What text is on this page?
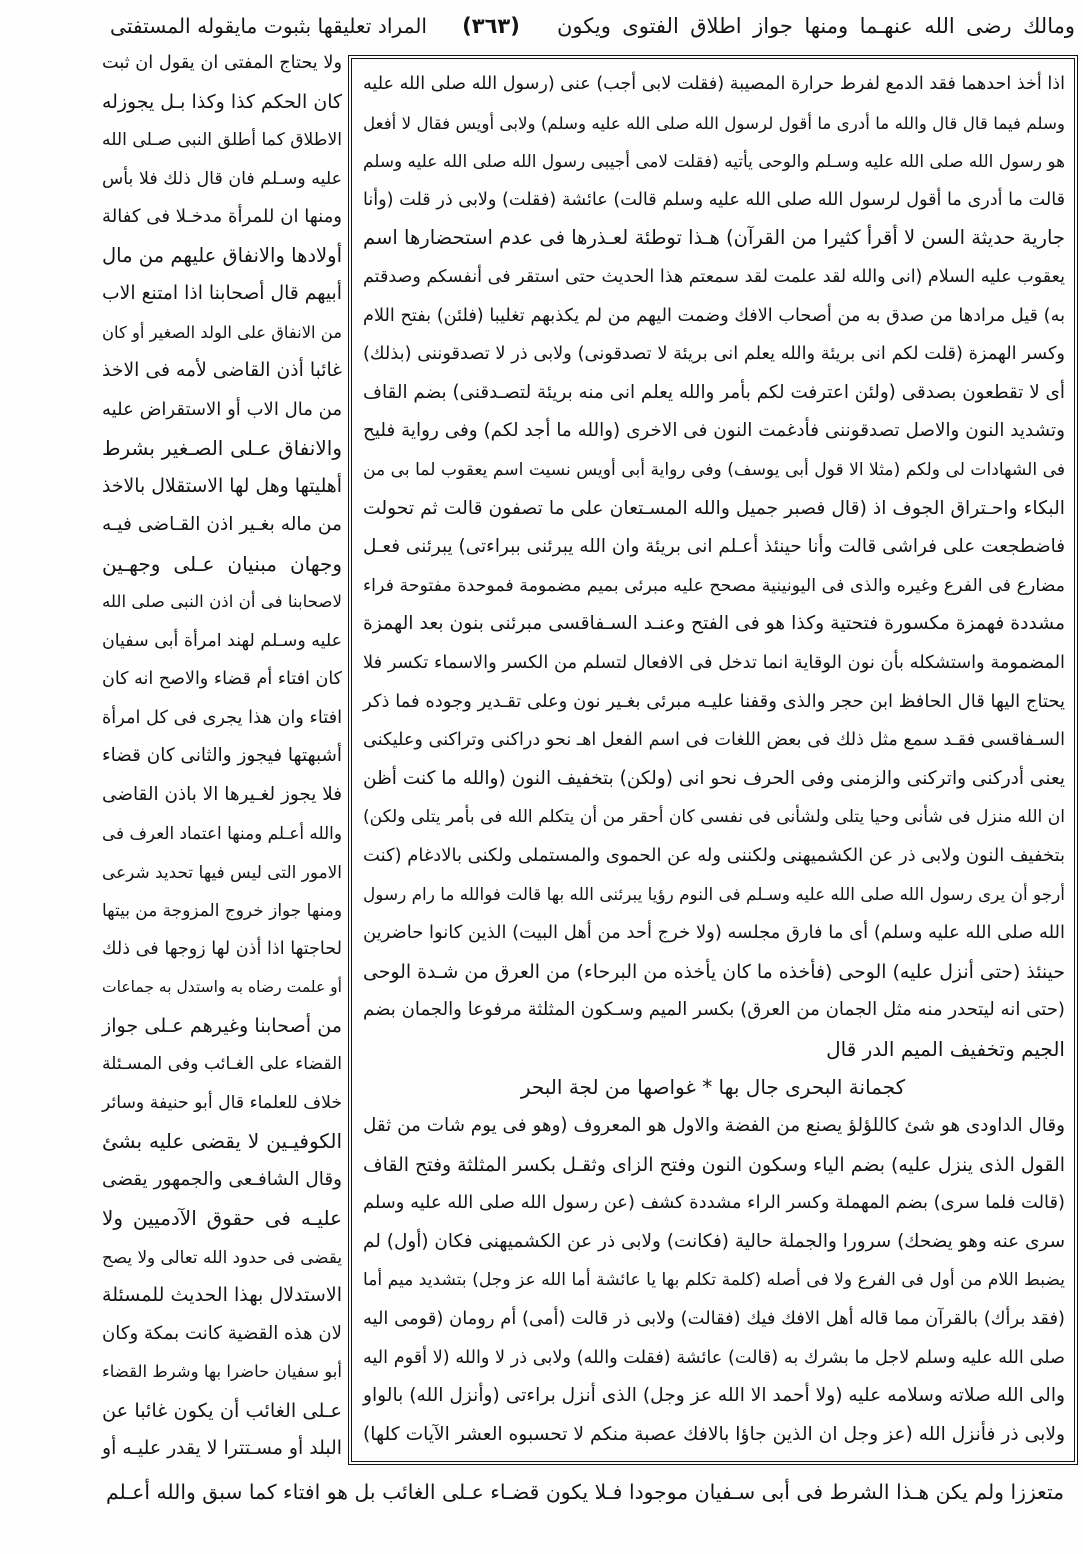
ومالك رضى الله عنهـما ومنها جواز اطلاق الفتوى ويكون
(٣٦٣)
المراد تعليقها بثبوت مايقوله المستفتى
ولا يحتاج المفتى ان يقول ان ثبت
كان الحكم كذا وكذا بـل يجوزله
الاطلاق كما أطلق النبى صـلى الله
عليه وسـلم فان قال ذلك فلا بأس
ومنها ان للمرأة مدخـلا فى كفالة
أولادها والانفاق عليهم من مال
أبيهم قال أصحابنا اذا امتنع الاب
من الانفاق على الولد الصغير أو كان
غائبا أذن القاضى لأمه فى الاخذ
من مال الاب أو الاستقراض عليه
والانفاق عـلى الصـغير بشرط
أهليتها وهل لها الاستقلال بالاخذ
من ماله بغـير اذن القـاضى فيـه
وجهان مبنيان عـلى وجهـين
لاصحابنا فى أن اذن النبى صلى الله
عليه وسـلم لهند امرأة أبى سفيان
كان افتاء أم قضاء والاصح انه كان
افتاء وان هذا يجرى فى كل امرأة
أشبهتها فيجوز والثانى كان قضاء
فلا يجوز لغـيرها الا باذن القاضى
والله أعـلم ومنها اعتماد العرف فى
الامور التى ليس فيها تحديد شرعى
ومنها جواز خروج المزوجة من بيتها
لحاجتها اذا أذن لها زوجها فى ذلك
أو علمت رضاه به واستدل به جماعات
من أصحابنا وغيرهم عـلى جواز
القضاء على الغـائب وفى المسـئلة
خلاف للعلماء قال أبو حنيفة وسائر
الكوفيـين لا يقضى عليه بشئ
وقال الشافـعى والجمهور يقضى
عليـه فى حقوق الآدميين ولا
يقضى فى حدود الله تعالى ولا يصح
الاستدلال بهذا الحديث للمسئلة
لان هذه القضية كانت بمكة وكان
أبو سفيان حاضرا بها وشرط القضاء
عـلى الغائب أن يكون غائبا عن
البلد أو مسـتترا لا يقدر عليـه أو
اذا أخذ احدهما فقد الدمع لفرط حرارة المصيبة (فقلت لابى أجب) عنى (رسول الله صلى الله عليه
وسلم فيما قال قال والله ما أدرى ما أقول لرسول الله صلى الله عليه وسلم) ولابى أويس فقال لا أفعل
هو رسول الله صلى الله عليه وسـلم والوحى يأتيه (فقلت لامى أجيبى رسول الله صلى الله عليه وسلم
قالت ما أدرى ما أقول لرسول الله صلى الله عليه وسلم قالت) عائشة (فقلت) ولابى ذر قلت (وأنا
جارية حديثة السن لا أقرأ كثيرا من القرآن) هـذا توطئة لعـذرها فى عدم استحضارها اسم
يعقوب عليه السلام (انى والله لقد علمت لقد سمعتم هذا الحديث حتى استقر فى أنفسكم وصدقتم
به) قيل مرادها من صدق به من أصحاب الافك وضمت اليهم من لم يكذبهم تغليبا (فلئن) بفتح اللام
وكسر الهمزة (قلت لكم انى بريئة والله يعلم انى بريئة لا تصدقونى) ولابى ذر لا تصدقوننى (بذلك)
أى لا تقطعون بصدقى (ولئن اعترفت لكم بأمر والله يعلم انى منه بريئة لتصـدقنى) بضم القاف
وتشديد النون والاصل تصدقوننى فأدغمت النون فى الاخرى (والله ما أجد لكم) وفى رواية فليح
فى الشهادات لى ولكم (مثلا الا قول أبى يوسف) وفى رواية أبى أويس نسيت اسم يعقوب لما بى من
البكاء واحـتراق الجوف اذ (قال فصبر جميل والله المسـتعان على ما تصفون قالت ثم تحولت
فاضطجعت على فراشى قالت وأنا حينئذ أعـلم انى بريئة وان الله يبرئنى ببراءتى) يبرئنى فعـل
مضارع فى الفرع وغيره والذى فى اليونينية مصحح عليه مبرئى بميم مضمومة فموحدة مفتوحة فراء
مشددة فهمزة مكسورة فتحتية وكذا هو فى الفتح وعنـد السـفاقسى مبرئنى بنون بعد الهمزة
المضمومة واستشكله بأن نون الوقاية انما تدخل فى الافعال لتسلم من الكسر والاسماء تكسر فلا
يحتاج اليها قال الحافظ ابن حجر والذى وقفنا عليـه مبرئى بغـير نون وعلى تقـدير وجوده فما ذكر
السـفاقسى فقـد سمع مثل ذلك فى بعض اللغات فى اسم الفعل اهـ نحو دراكنى وتراكنى وعليكنى
يعنى أدركنى واتركنى والزمنى وفى الحرف نحو انى (ولكن) بتخفيف النون (والله ما كنت أظن
ان الله منزل فى شأنى وحيا يتلى ولشأنى فى نفسى كان أحقر من أن يتكلم الله فى بأمر يتلى ولكن)
بتخفيف النون ولابى ذر عن الكشميهنى ولكننى وله عن الحموى والمستملى ولكنى بالادغام (كنت
أرجو أن يرى رسول الله صلى الله عليه وسـلم فى النوم رؤيا يبرئنى الله بها قالت فوالله ما رام رسول
الله صلى الله عليه وسلم) أى ما فارق مجلسه (ولا خرج أحد من أهل البيت) الذين كانوا حاضرين
حينئذ (حتى أنزل عليه) الوحى (فأخذه ما كان يأخذه من البرحاء) من العرق من شـدة الوحى
(حتى انه ليتحدر منه مثل الجمان من العرق) بكسر الميم وسـكون المثلثة مرفوعا والجمان بضم
الجيم وتخفيف الميم الدر قال
كجمانة البحرى جال بها * غواصها من لجة البحر
وقال الداودى هو شئ كاللؤلؤ يصنع من الفضة والاول هو المعروف (وهو فى يوم شات من ثقل
القول الذى ينزل عليه) بضم الياء وسكون النون وفتح الزاى وثقـل بكسر المثلثة وفتح القاف
(قالت فلما سرى) بضم المهملة وكسر الراء مشددة كشف (عن رسول الله صلى الله عليه وسلم
سرى عنه وهو يضحك) سرورا والجملة حالية (فكانت) ولابى ذر عن الكشميهنى فكان (أول) لم
يضبط اللام من أول فى الفرع ولا فى أصله (كلمة تكلم بها يا عائشة أما الله عز وجل) بتشديد ميم أما
(فقد برأك) بالقرآن مما قاله أهل الافك فيك (فقالت) ولابى ذر قالت (أمى) أم رومان (قومى اليه
صلى الله عليه وسلم لاجل ما بشرك به (قالت) عائشة (فقلت والله) ولابى ذر لا والله (لا أقوم اليه
والى الله صلاته وسلامه عليه (ولا أحمد الا الله عز وجل) الذى أنزل براءتى (وأنزل الله) بالواو
ولابى ذر فأنزل الله (عز وجل ان الذين جاؤا بالافك عصبة منكم لا تحسبوه العشر الآيات كلها)
متعززا ولم يكن هـذا الشرط فى أبى سـفيان موجودا فـلا يكون قضـاء عـلى الغائب بل هو افتاء كما سبق والله أعـلم
